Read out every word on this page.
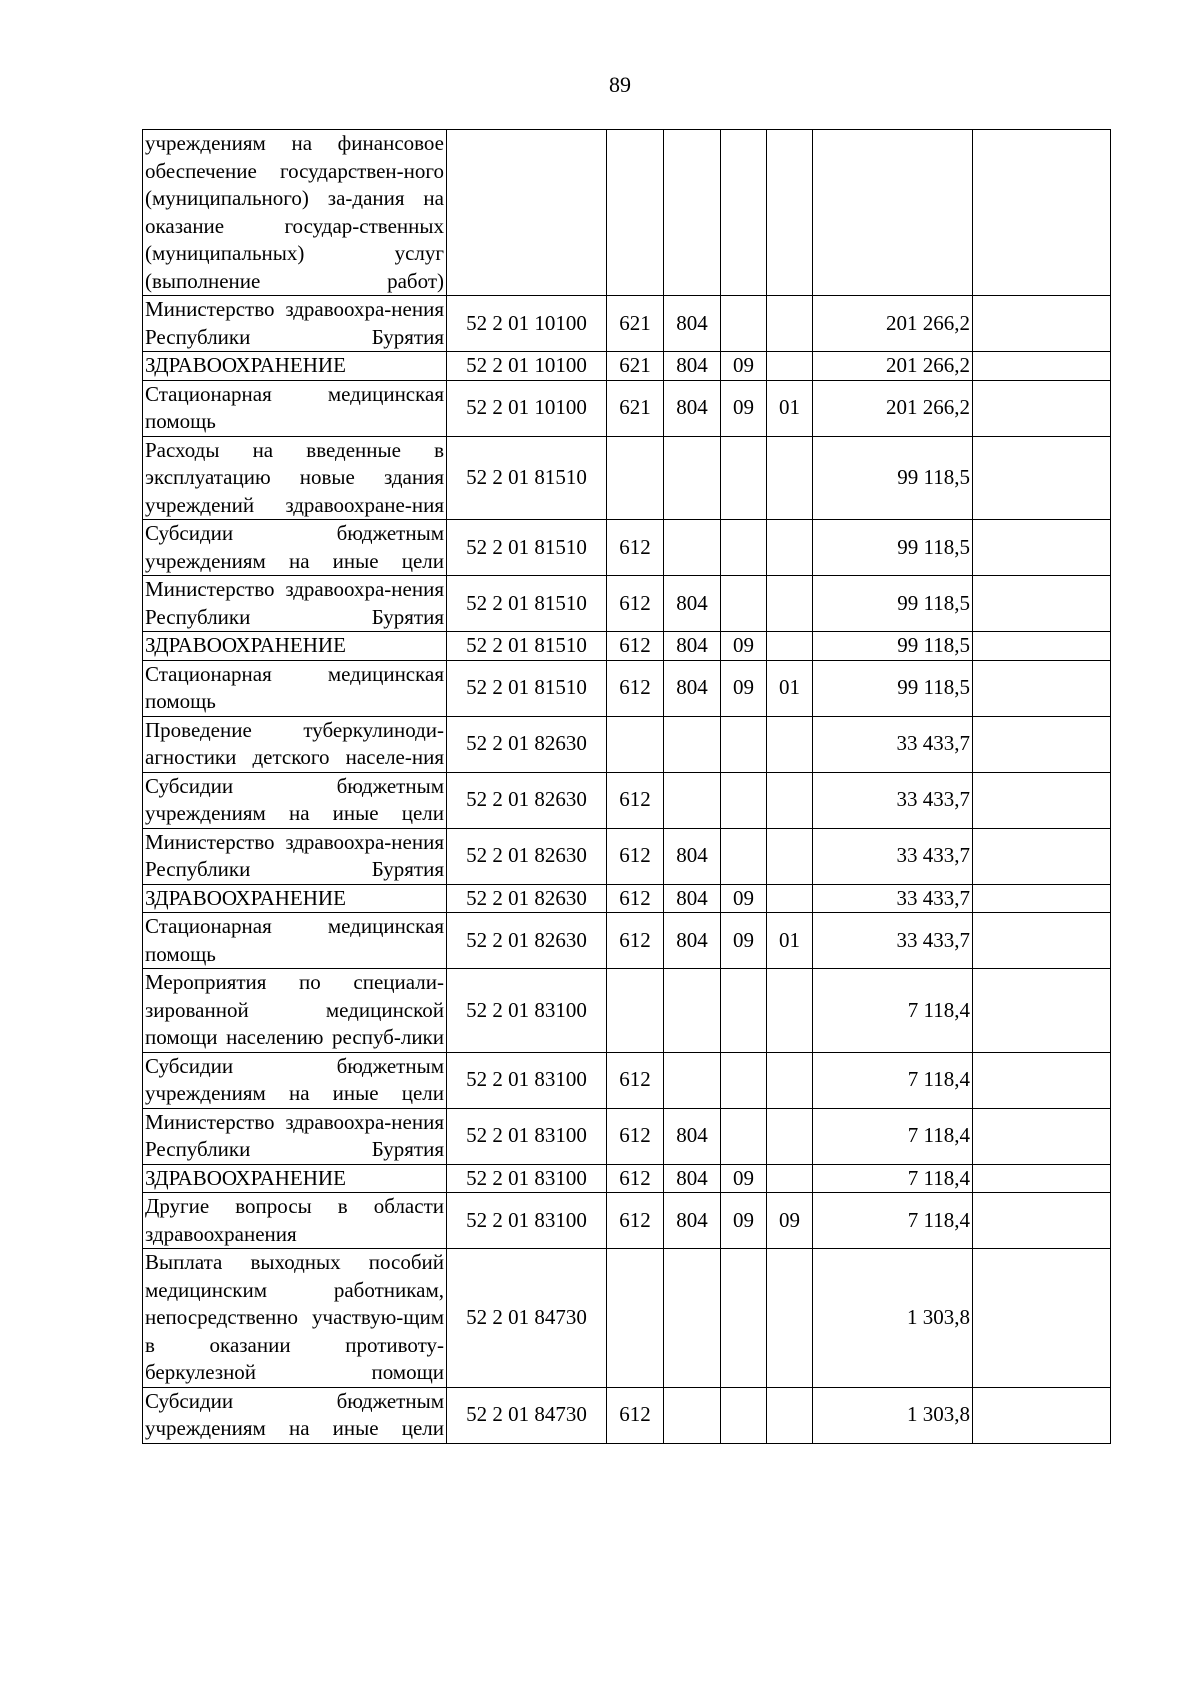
89
учреждениям на финансовое обеспечение государствен-ного (муниципального) за-дания на оказание государ-ственных (муниципальных) услуг (выполнение работ)							
Министерство здравоохра-нения Республики Бурятия	52 2 01 10100	621	804			201 266,2	
ЗДРАВООХРАНЕНИЕ	52 2 01 10100	621	804	09		201 266,2	
Стационарная медицинская помощь	52 2 01 10100	621	804	09	01	201 266,2	
Расходы на введенные в эксплуатацию новые здания учреждений здравоохране-ния	52 2 01 81510					99 118,5	
Субсидии бюджетным учреждениям на иные цели	52 2 01 81510	612				99 118,5	
Министерство здравоохра-нения Республики Бурятия	52 2 01 81510	612	804			99 118,5	
ЗДРАВООХРАНЕНИЕ	52 2 01 81510	612	804	09		99 118,5	
Стационарная медицинская помощь	52 2 01 81510	612	804	09	01	99 118,5	
Проведение туберкулиноди-агностики детского населе-ния	52 2 01 82630					33 433,7	
Субсидии бюджетным учреждениям на иные цели	52 2 01 82630	612				33 433,7	
Министерство здравоохра-нения Республики Бурятия	52 2 01 82630	612	804			33 433,7	
ЗДРАВООХРАНЕНИЕ	52 2 01 82630	612	804	09		33 433,7	
Стационарная медицинская помощь	52 2 01 82630	612	804	09	01	33 433,7	
Мероприятия по специали-зированной медицинской помощи населению респуб-лики	52 2 01 83100					7 118,4	
Субсидии бюджетным учреждениям на иные цели	52 2 01 83100	612				7 118,4	
Министерство здравоохра-нения Республики Бурятия	52 2 01 83100	612	804			7 118,4	
ЗДРАВООХРАНЕНИЕ	52 2 01 83100	612	804	09		7 118,4	
Другие вопросы в области здравоохранения	52 2 01 83100	612	804	09	09	7 118,4	
Выплата выходных пособий медицинским работникам, непосредственно участвую-щим в оказании противоту-беркулезной помощи	52 2 01 84730					1 303,8	
Субсидии бюджетным учреждениям на иные цели	52 2 01 84730	612				1 303,8	
